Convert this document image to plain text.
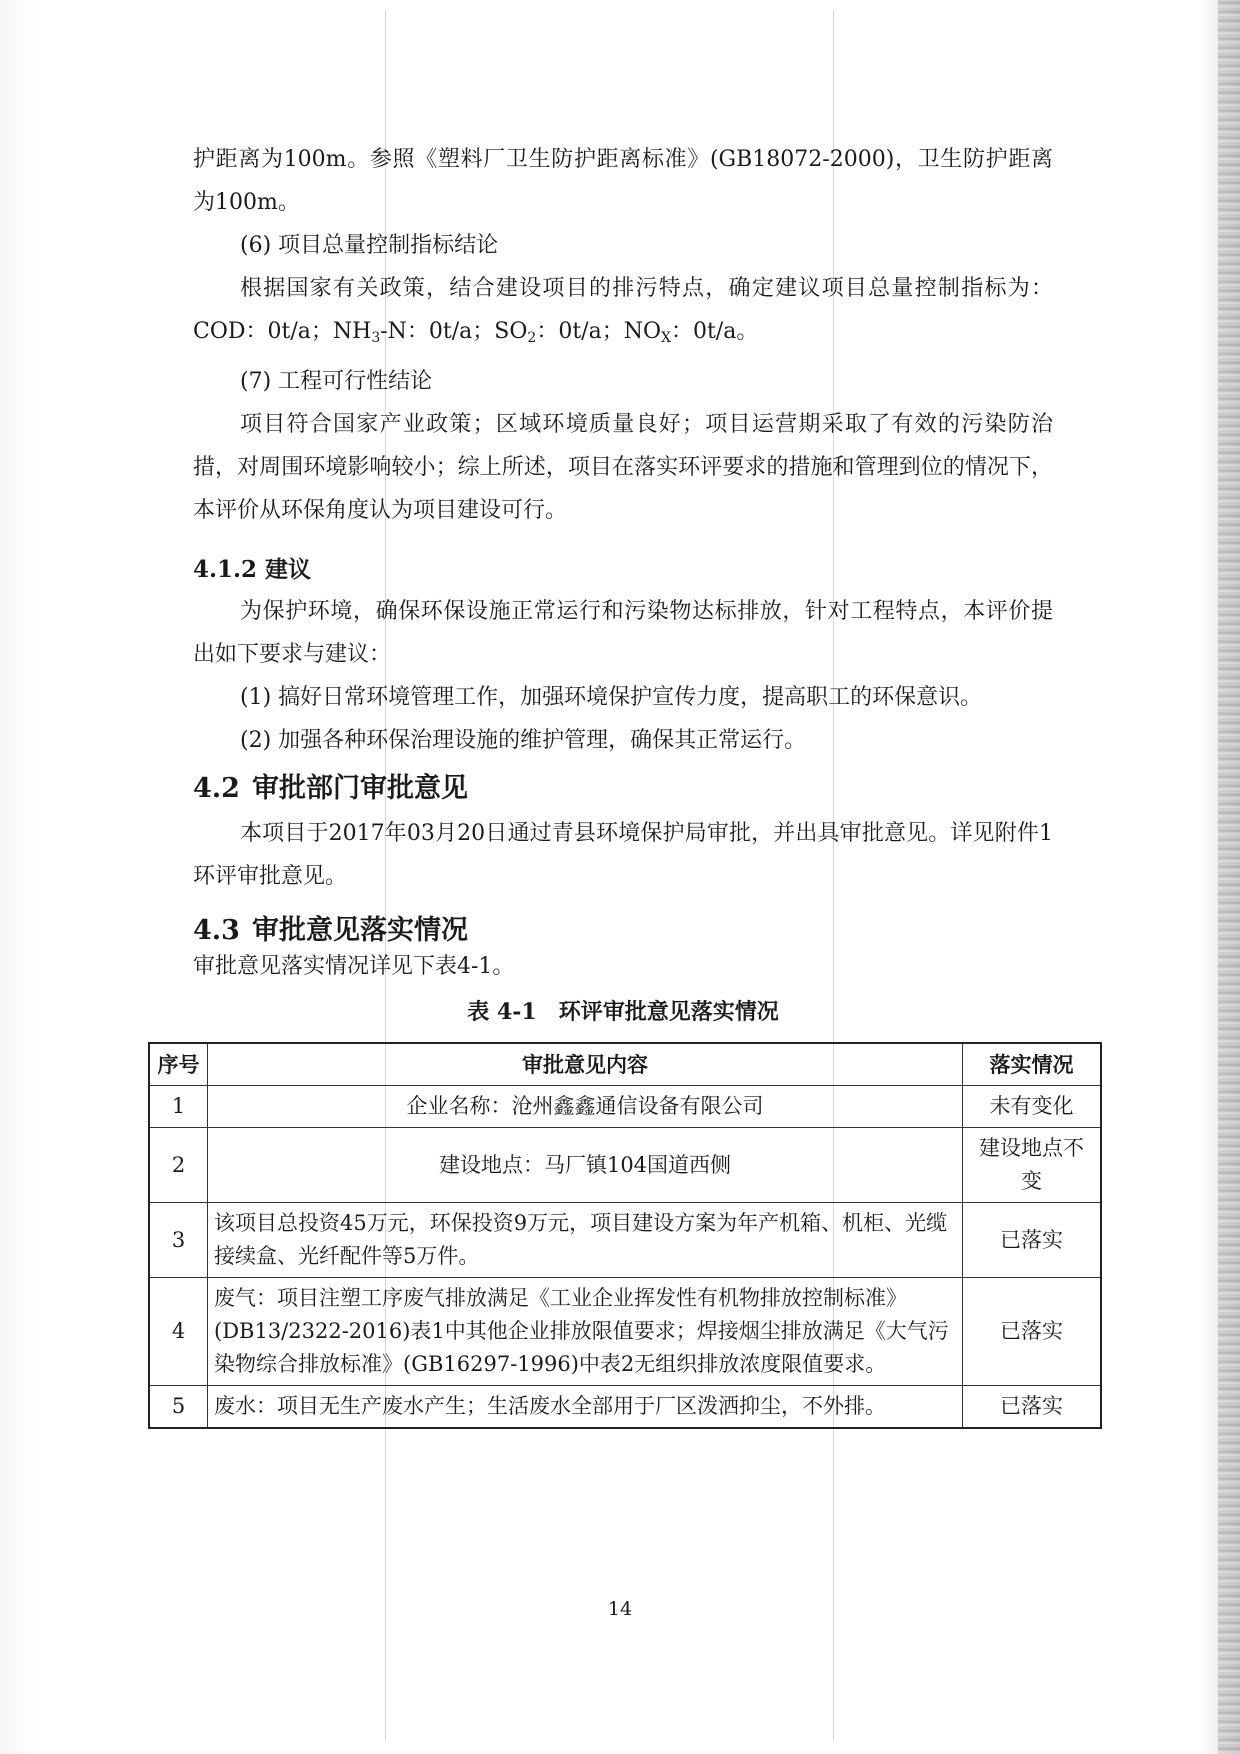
护距离为100m。参照《塑料厂卫生防护距离标准》(GB18072-2000)，卫生防护距离为100m。

(6) 项目总量控制指标结论

根据国家有关政策，结合建设项目的排污特点，确定建议项目总量控制指标为：COD：0t/a；$NH_3-N$：0t/a；$SO_2$：0t/a；$NO_X$：0t/a。

(7) 工程可行性结论

项目符合国家产业政策；区域环境质量良好；项目运营期采取了有效的污染防治措，对周围环境影响较小；综上所述，项目在落实环评要求的措施和管理到位的情况下，本评价从环保角度认为项目建设可行。

4.1.2 建议

为保护环境，确保环保设施正常运行和污染物达标排放，针对工程特点，本评价提出如下要求与建议：

(1) 搞好日常环境管理工作，加强环境保护宣传力度，提高职工的环保意识。

(2) 加强各种环保治理设施的维护管理，确保其正常运行。

4.2 审批部门审批意见

本项目于2017年03月20日通过青县环境保护局审批，并出具审批意见。详见附件1环评审批意见。

4.3 审批意见落实情况

审批意见落实情况详见下表4-1。

表 4-1　环评审批意见落实情况
序号	审批意见内容	落实情况
1	企业名称：沧州鑫鑫通信设备有限公司	未有变化
2	建设地点：马厂镇104国道西侧	建设地点不变
3	该项目总投资45万元，环保投资9万元，项目建设方案为年产机箱、机柜、光缆接续盒、光纤配件等5万件。	已落实
4	废气：项目注塑工序废气排放满足《工业企业挥发性有机物排放控制标准》(DB13/2322-2016)表1中其他企业排放限值要求；焊接烟尘排放满足《大气污染物综合排放标准》(GB16297-1996)中表2无组织排放浓度限值要求。	已落实
5	废水：项目无生产废水产生；生活废水全部用于厂区泼洒抑尘，不外排。	已落实
14
